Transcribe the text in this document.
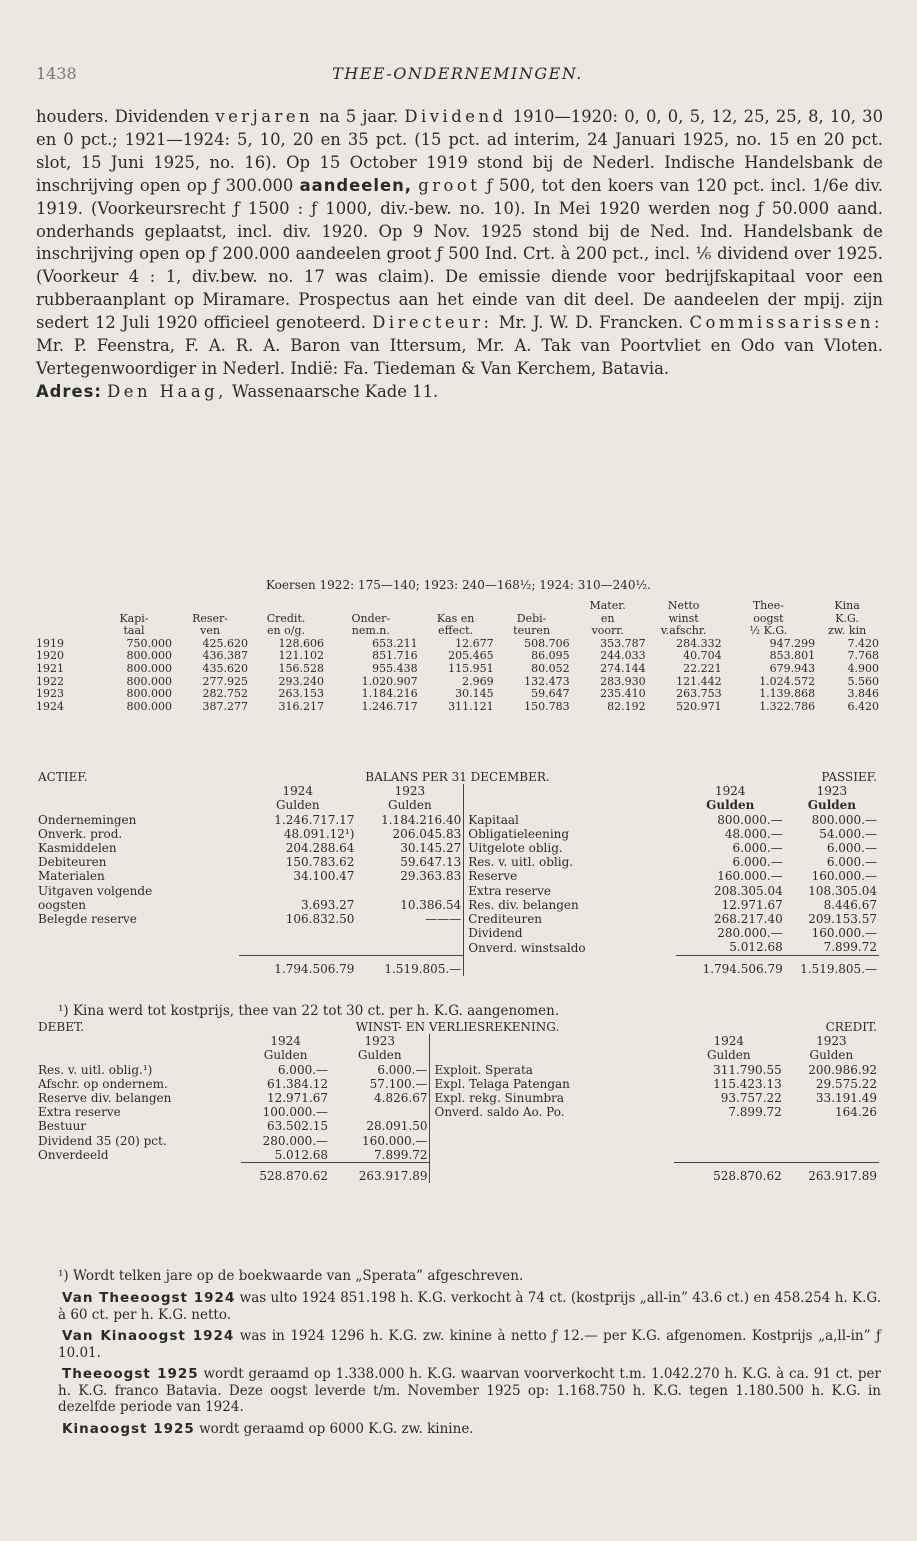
1438	THEE-ONDERNEMINGEN.

houders. Dividenden verjaren na 5 jaar. Dividend 1910—1920: 0, 0, 0, 5, 12, 25, 25, 8, 10, 30 en 0 pct.; 1921—1924: 5, 10, 20 en 35 pct. (15 pct. ad interim, 24 Januari 1925, no. 15 en 20 pct. slot, 15 Juni 1925, no. 16). Op 15 October 1919 stond bij de Nederl. Indische Handelsbank de inschrijving open op ƒ 300.000 aandeelen, groot ƒ 500, tot den koers van 120 pct. incl. 1/6e div. 1919. (Voorkeursrecht ƒ 1500 : ƒ 1000, div.-bew. no. 10). In Mei 1920 werden nog ƒ 50.000 aand. onderhands geplaatst, incl. div. 1920. Op 9 Nov. 1925 stond bij de Ned. Ind. Handelsbank de inschrijving open op ƒ 200.000 aandeelen groot ƒ 500 Ind. Crt. à 200 pct., incl. ⅙ dividend over 1925. (Voorkeur 4 : 1, div.bew. no. 17 was claim). De emissie diende voor bedrijfskapitaal voor een rubberaanplant op Miramare. Prospectus aan het einde van dit deel. De aandeelen der mpij. zijn sedert 12 Juli 1920 officieel genoteerd. Directeur: Mr. J. W. D. Francken. Commissarissen: Mr. P. Feenstra, F. A. R. A. Baron van Ittersum, Mr. A. Tak van Poortvliet en Odo van Vloten. Vertegenwoordiger in Nederl. Indië: Fa. Tiedeman & Van Kerchem, Batavia.

Adres: Den Haag, Wassenaarsche Kade 11.

Koersen 1922: 175—140; 1923: 240—168½; 1924: 310—240½.
							Mater.	Netto	Thee-	Kina
	Kapi-	Reser-	Credit.	Onder-	Kas en	Debi-	en	winst	oogst	K.G.
	taal	ven	en o/g.	nem.n.	effect.	teuren	voorr.	v.afschr.	½ K.G.	zw. kin
1919	750.000	425.620	128.606	653.211	12.677	508.706	353.787	284.332	947.299	7.420
1920	800.000	436.387	121.102	851.716	205.465	86.095	244.033	40.704	853.801	7.768
1921	800.000	435.620	156.528	955.438	115.951	80.052	274.144	22.221	679.943	4.900
1922	800.000	277.925	293.240	1.020.907	2.969	132.473	283.930	121.442	1.024.572	5.560
1923	800.000	282.752	263.153	1.184.216	30.145	59.647	235.410	263.753	1.139.868	3.846
1924	800.000	387.277	316.217	1.246.717	311.121	150.783	82.192	520.971	1.322.786	6.420
ACTIEF.	BALANS PER 31 DECEMBER.			PASSIEF.	
	1924	1923		1924	1923
	Gulden	Gulden		Gulden	Gulden
Ondernemingen	1.246.717.17	1.184.216.40	Kapitaal	800.000.—	800.000.—
Onverk. prod.	48.091.12¹)	206.045.83	Obligatieleening	48.000.—	54.000.—
Kasmiddelen	204.288.64	30.145.27	Uitgelote oblig.	6.000.—	6.000.—
Debiteuren	150.783.62	59.647.13	Res. v. uitl. oblig.	6.000.—	6.000.—
Materialen	34.100.47	29.363.83	Reserve	160.000.—	160.000.—
Uitgaven volgende			Extra reserve	208.305.04	108.305.04
oogsten	3.693.27	10.386.54	Res. div. belangen	12.971.67	8.446.67
Belegde reserve	106.832.50	———	Crediteuren	268.217.40	209.153.57
			Dividend	280.000.—	160.000.—
			Onverd. winstsaldo	5.012.68	7.899.72
	1.794.506.79	1.519.805.—		1.794.506.79	1.519.805.—
¹) Kina werd tot kostprijs, thee van 22 tot 30 ct. per h. K.G. aangenomen.
DEBET.	WINST- EN VERLIESREKENING.			CREDIT.	
	1924	1923		1924	1923
	Gulden	Gulden		Gulden	Gulden
Res. v. uitl. oblig.¹)	6.000.—	6.000.—	Exploit. Sperata	311.790.55	200.986.92
Afschr. op ondernem.	61.384.12	57.100.—	Expl. Telaga Patengan	115.423.13	29.575.22
Reserve div. belangen	12.971.67	4.826.67	Expl. rekg. Sinumbra	93.757.22	33.191.49
Extra reserve	100.000.—		Onverd. saldo Ao. Po.	7.899.72	164.26
Bestuur	63.502.15	28.091.50			
Dividend 35 (20) pct.	280.000.—	160.000.—			
Onverdeeld	5.012.68	7.899.72			
	528.870.62	263.917.89		528.870.62	263.917.89
¹) Wordt telken jare op de boekwaarde van „Sperata” afgeschreven.

Van Theeoogst 1924 was ulto 1924 851.198 h. K.G. verkocht à 74 ct. (kostprijs „all-in” 43.6 ct.) en 458.254 h. K.G. à 60 ct. per h. K.G. netto.

Van Kinaoogst 1924 was in 1924 1296 h. K.G. zw. kinine à netto ƒ 12.— per K.G. afgenomen. Kostprijs „a,ll-in” ƒ 10.01.

Theeoogst 1925 wordt geraamd op 1.338.000 h. K.G. waarvan voorverkocht t.m. 1.042.270 h. K.G. à ca. 91 ct. per h. K.G. franco Batavia. Deze oogst leverde t/m. November 1925 op: 1.168.750 h. K.G. tegen 1.180.500 h. K.G. in dezelfde periode van 1924.

Kinaoogst 1925 wordt geraamd op 6000 K.G. zw. kinine.
